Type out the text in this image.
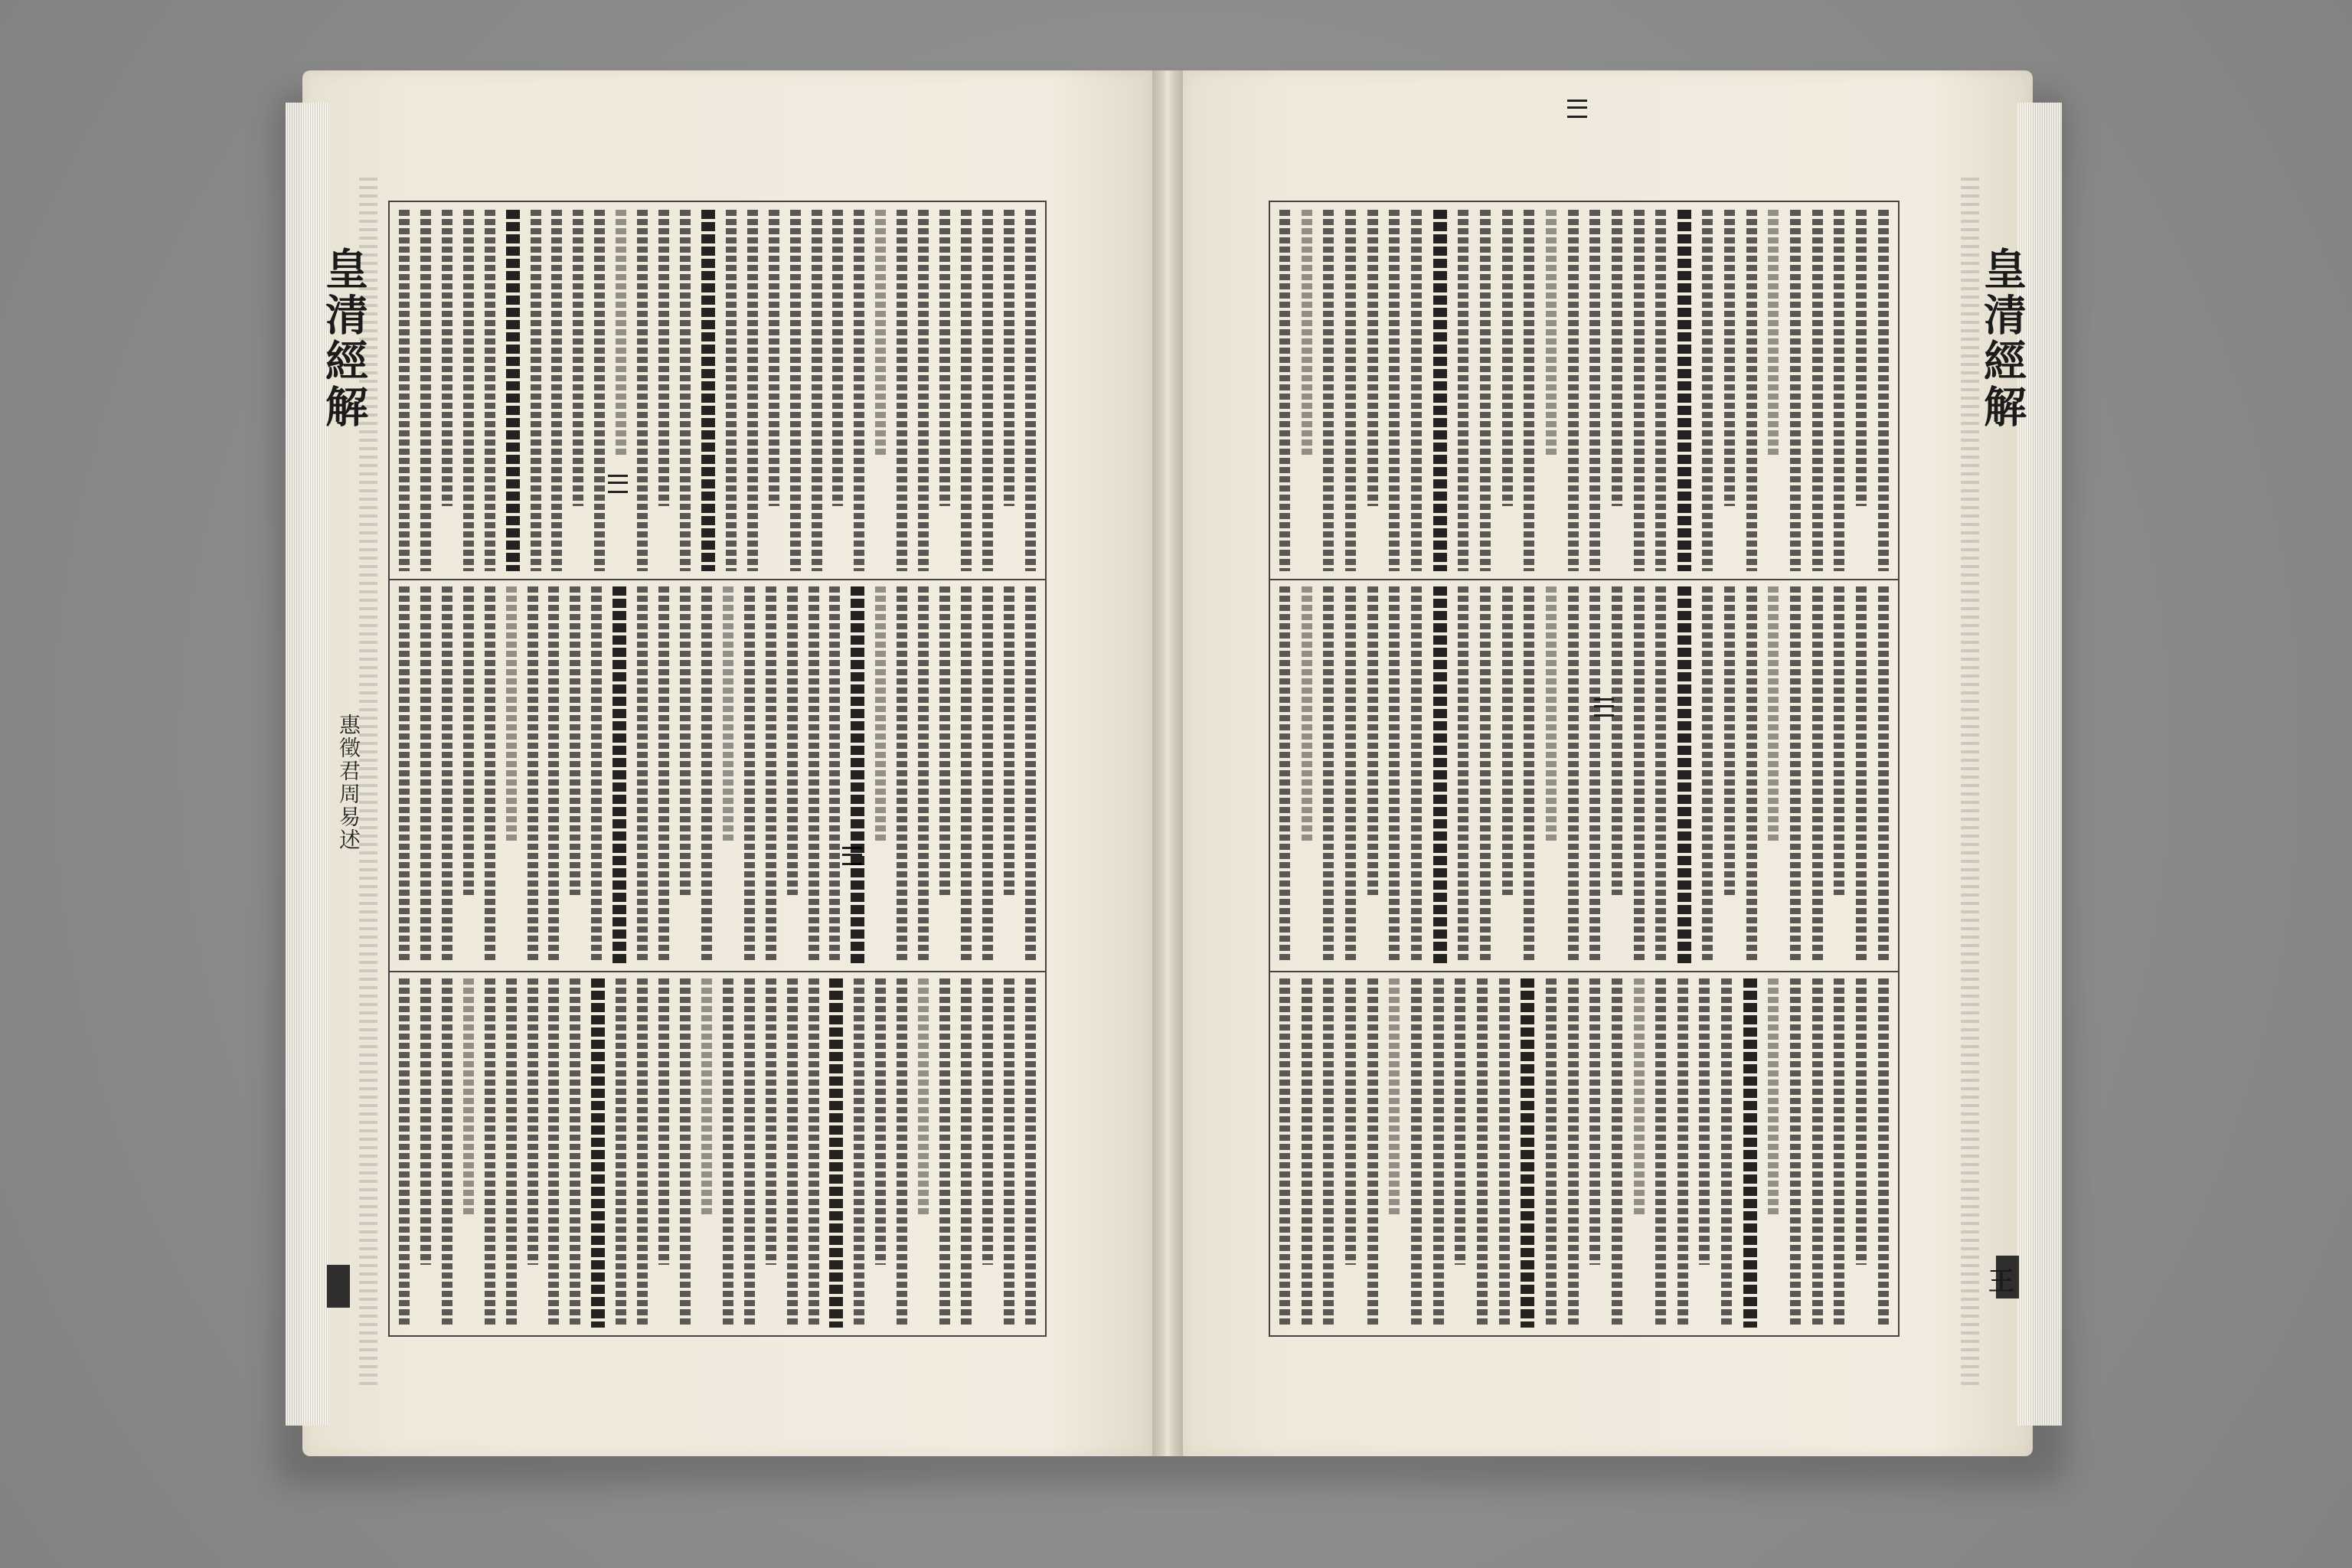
皇清經解
惠徵君周易述
皇清經解
王
